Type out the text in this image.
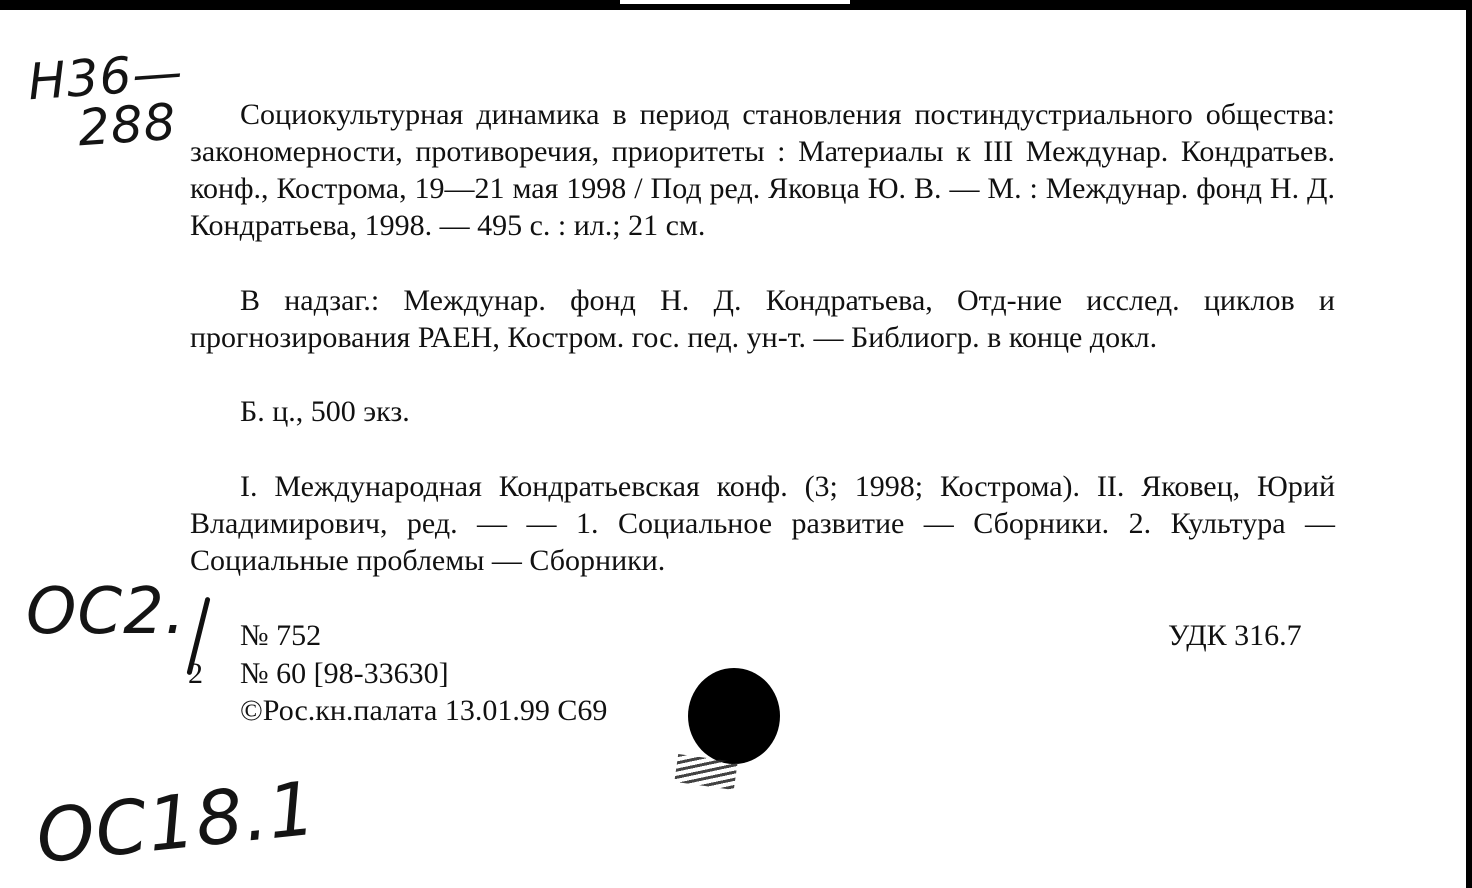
Н36—
288	Социокультурная динамика в период становления постиндустриального общества: закономерности, противоречия, приоритеты : Материалы к III Междунар. Кондратьев. конф., Кострома, 19—21 мая 1998 / Под ред. Яковца Ю. В. — М. : Междунар. фонд Н. Д. Кондратьева, 1998. — 495 с. : ил.; 21 см.
В надзаг.: Междунар. фонд Н. Д. Кондратьева, Отд-ние исслед. циклов и прогнозирования РАЕН, Костром. гос. пед. ун-т. — Библиогр. в конце докл.
Б. ц., 500 экз.
I. Международная Кондратьевская конф. (3; 1998; Кострома). II. Яковец, Юрий Владимирович, ред. — — 1. Социальное развитие — Сборники. 2. Культура — Социальные проблемы — Сборники.
ОС2. № 752
2 № 60 [98-33630]
©Рос.кн.палата 13.01.99 С69
УДК 316.7
ОС18.1
